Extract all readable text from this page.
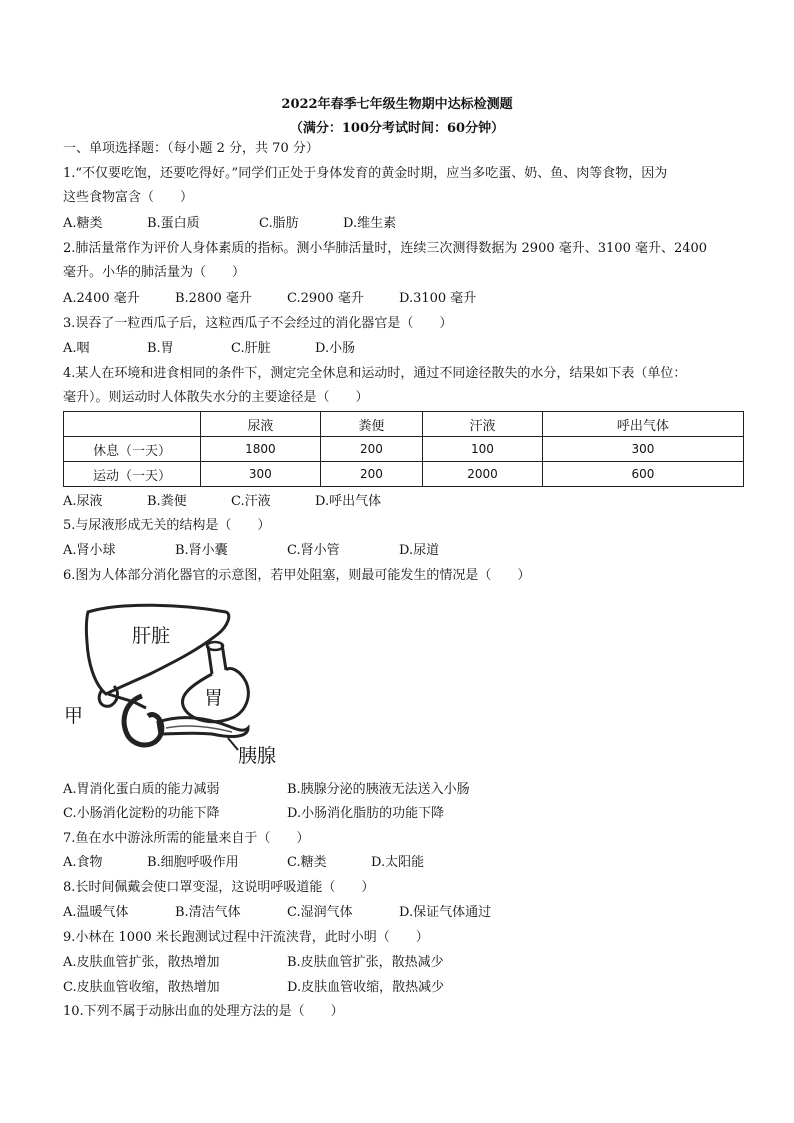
2022年春季七年级生物期中达标检测题
（满分：100分考试时间：60分钟）
一、单项选择题：（每小题 2 分，共 70 分）
1.“不仅要吃饱，还要吃得好。”同学们正处于身体发育的黄金时期，应当多吃蛋、奶、鱼、肉等食物，因为
这些食物富含（　　）
A.糖类	B.蛋白质	C.脂肪	D.维生素
2.肺活量常作为评价人身体素质的指标。测小华肺活量时，连续三次测得数据为 2900 毫升、3100 毫升、2400
毫升。小华的肺活量为（　　）
A.2400 毫升	B.2800 毫升	C.2900 毫升	D.3100 毫升
3.误吞了一粒西瓜子后，这粒西瓜子不会经过的消化器官是（　　）
A.咽	B.胃	C.肝脏	D.小肠
4.某人在环境和进食相同的条件下，测定完全休息和运动时，通过不同途径散失的水分，结果如下表（单位：
毫升）。则运动时人体散失水分的主要途径是（　　）
	尿液	粪便	汗液	呼出气体
休息（一天）	1800	200	100	300
运动（一天）	300	200	2000	600
A.尿液	B.粪便	C.汗液	D.呼出气体
5.与尿液形成无关的结构是（　　）
A.肾小球	B.肾小囊	C.肾小管	D.尿道
6.图为人体部分消化器官的示意图，若甲处阻塞，则最可能发生的情况是（　　）
肝脏
胃
胰腺
甲
A.胃消化蛋白质的能力减弱	B.胰腺分泌的胰液无法送入小肠
C.小肠消化淀粉的功能下降	D.小肠消化脂肪的功能下降
7.鱼在水中游泳所需的能量来自于（　　）
A.食物	B.细胞呼吸作用	C.糖类	D.太阳能
8.长时间佩戴会使口罩变湿，这说明呼吸道能（　　）
A.温暖气体	B.清洁气体	C.湿润气体	D.保证气体通过
9.小林在 1000 米长跑测试过程中汗流浃背，此时小明（　　）
A.皮肤血管扩张，散热增加	B.皮肤血管扩张，散热减少
C.皮肤血管收缩，散热增加	D.皮肤血管收缩，散热减少
10.下列不属于动脉出血的处理方法的是（　　）
